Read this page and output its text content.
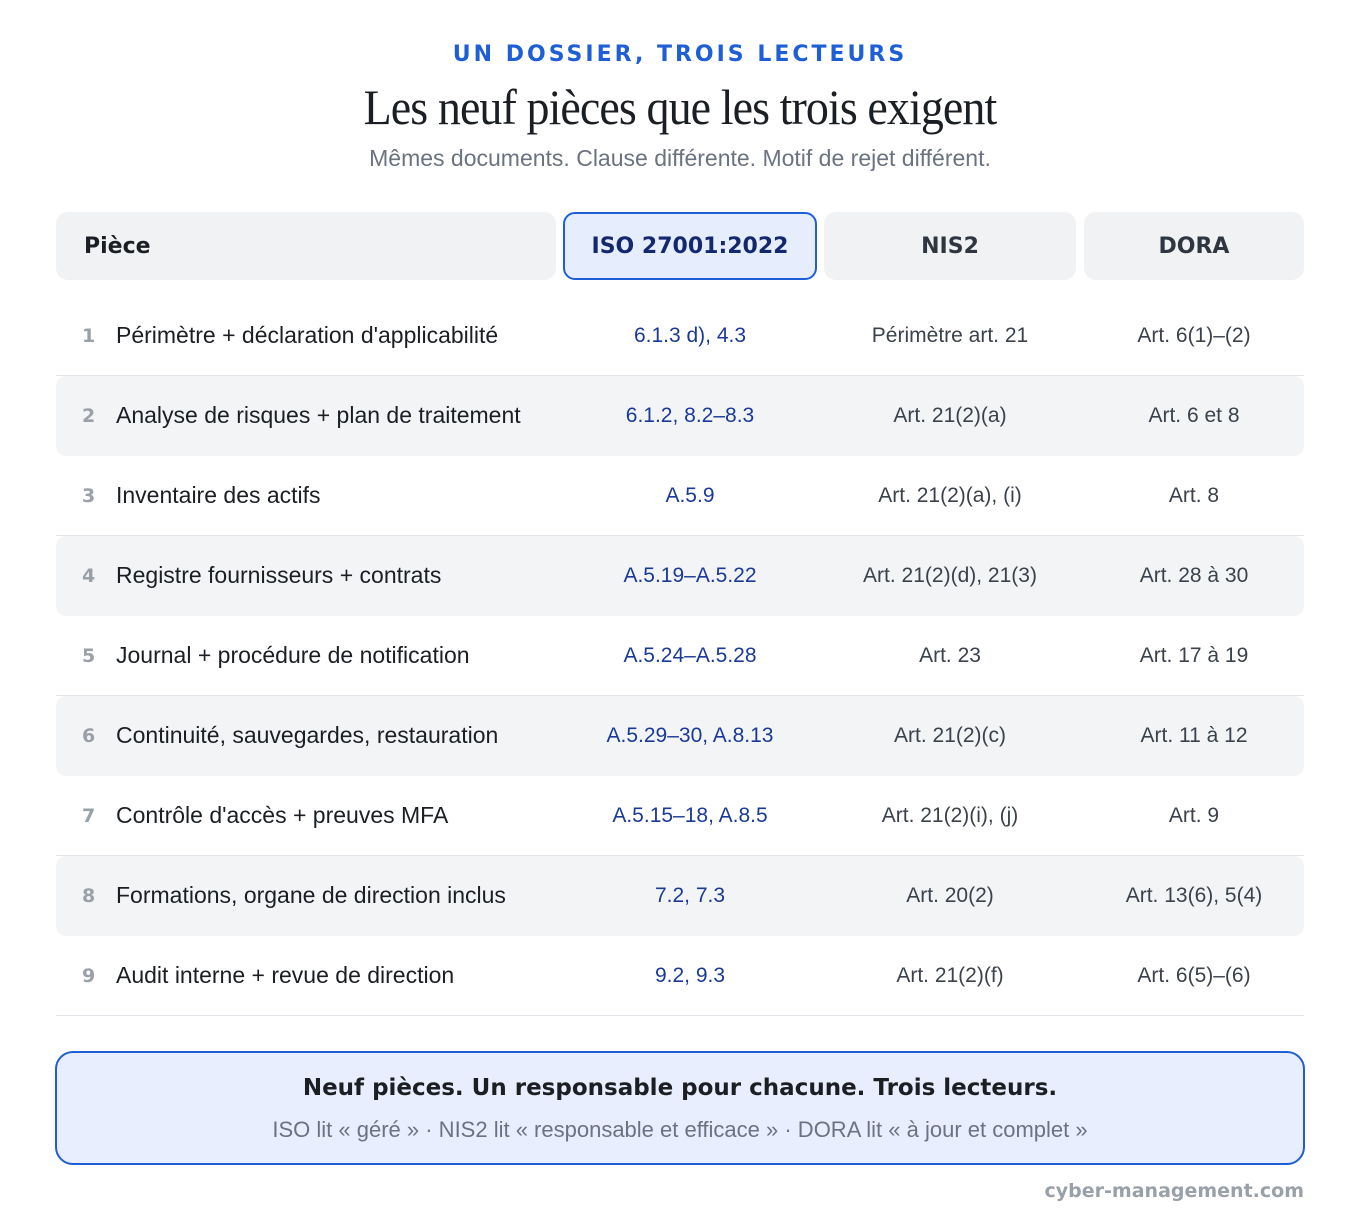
UN DOSSIER, TROIS LECTEURS
Les neuf pièces que les trois exigent
Mêmes documents. Clause différente. Motif de rejet différent.
Pièce	ISO 27001:2022	NIS2	DORA
1 Périmètre + déclaration d'applicabilité	6.1.3 d), 4.3	Périmètre art. 21	Art. 6(1)–(2)
2 Analyse de risques + plan de traitement	6.1.2, 8.2–8.3	Art. 21(2)(a)	Art. 6 et 8
3 Inventaire des actifs	A.5.9	Art. 21(2)(a), (i)	Art. 8
4 Registre fournisseurs + contrats	A.5.19–A.5.22	Art. 21(2)(d), 21(3)	Art. 28 à 30
5 Journal + procédure de notification	A.5.24–A.5.28	Art. 23	Art. 17 à 19
6 Continuité, sauvegardes, restauration	A.5.29–30, A.8.13	Art. 21(2)(c)	Art. 11 à 12
7 Contrôle d'accès + preuves MFA	A.5.15–18, A.8.5	Art. 21(2)(i), (j)	Art. 9
8 Formations, organe de direction inclus	7.2, 7.3	Art. 20(2)	Art. 13(6), 5(4)
9 Audit interne + revue de direction	9.2, 9.3	Art. 21(2)(f)	Art. 6(5)–(6)
Neuf pièces. Un responsable pour chacune. Trois lecteurs.
ISO lit « géré » · NIS2 lit « responsable et efficace » · DORA lit « à jour et complet »
cyber-management.com
